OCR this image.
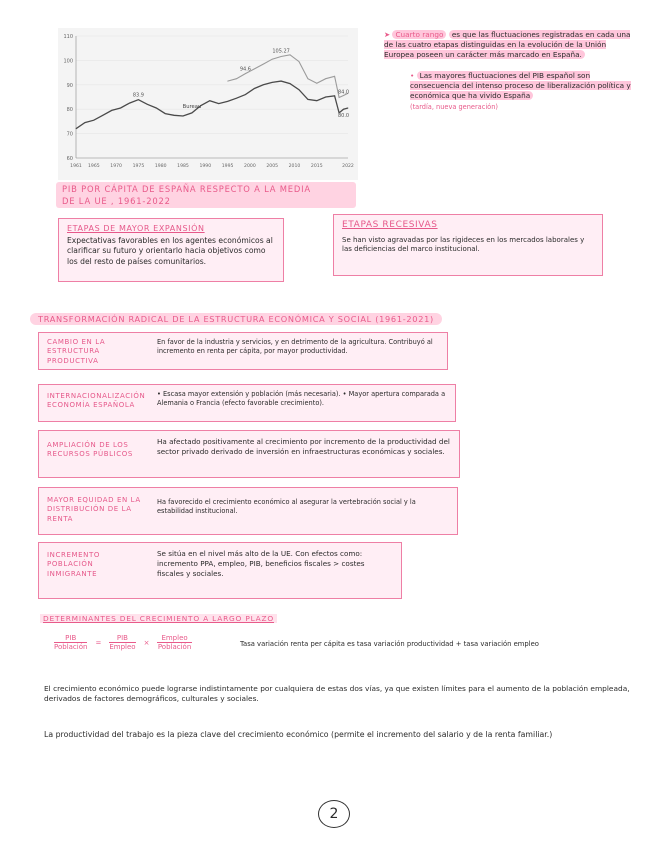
60
70
80
90
100
110
1961 1965 1970 1975 1980 1985 1990 1995 2000 2005 2010 2015	2022
83.9
94.6
105.27
84.0
80.0
Bureau
PIB POR CÁPITA DE ESPAÑA RESPECTO A LA MEDIA
DE LA UE , 1961-2022
➤ Cuarto rango es que las fluctuaciones registradas en cada una de las cuatro etapas distinguidas en la evolución de la Unión Europea poseen un carácter más marcado en España.
• Las mayores fluctuaciones del PIB español son consecuencia del intenso proceso de liberalización política y económica que ha vivido España
(tardía, nueva generación)
ETAPAS DE MAYOR EXPANSIÓN
Expectativas favorables en los agentes económicos al clarificar su futuro y orientarlo hacia objetivos como los del resto de países comunitarios.
ETAPAS RECESIVAS
Se han visto agravadas por las rigideces en los mercados laborales y las deficiencias del marco institucional.
TRANSFORMACIÓN RADICAL DE LA ESTRUCTURA ECONÓMICA Y SOCIAL (1961-2021)
CAMBIO EN LA ESTRUCTURA PRODUCTIVA
En favor de la industria y servicios, y en detrimento de la agricultura. Contribuyó al incremento en renta per cápita, por mayor productividad.
INTERNACIONALIZACIÓN ECONOMÍA ESPAÑOLA
• Escasa mayor extensión y población (más necesaria). • Mayor apertura comparada a Alemania o Francia (efecto favorable crecimiento).
AMPLIACIÓN DE LOS RECURSOS PÚBLICOS
Ha afectado positivamente al crecimiento por incremento de la productividad del sector privado derivado de inversión en infraestructuras económicas y sociales.
MAYOR EQUIDAD EN LA DISTRIBUCIÓN DE LA RENTA
Ha favorecido el crecimiento económico al asegurar la vertebración social y la estabilidad institucional.
INCREMENTO POBLACIÓN INMIGRANTE
Se sitúa en el nivel más alto de la UE. Con efectos como: incremento PPA, empleo, PIB, beneficios fiscales > costes fiscales y sociales.
DETERMINANTES DEL CRECIMIENTO A LARGO PLAZO
PIB
Población
=
PIB
Empleo
×
Empleo
Población	Tasa variación renta per cápita es tasa variación productividad + tasa variación empleo
El crecimiento económico puede lograrse indistintamente por cualquiera de estas dos vías, ya que existen límites para el aumento de la población empleada, derivados de factores demográficos, culturales y sociales.
La productividad del trabajo es la pieza clave del crecimiento económico (permite el incremento del salario y de la renta familiar.)
2
